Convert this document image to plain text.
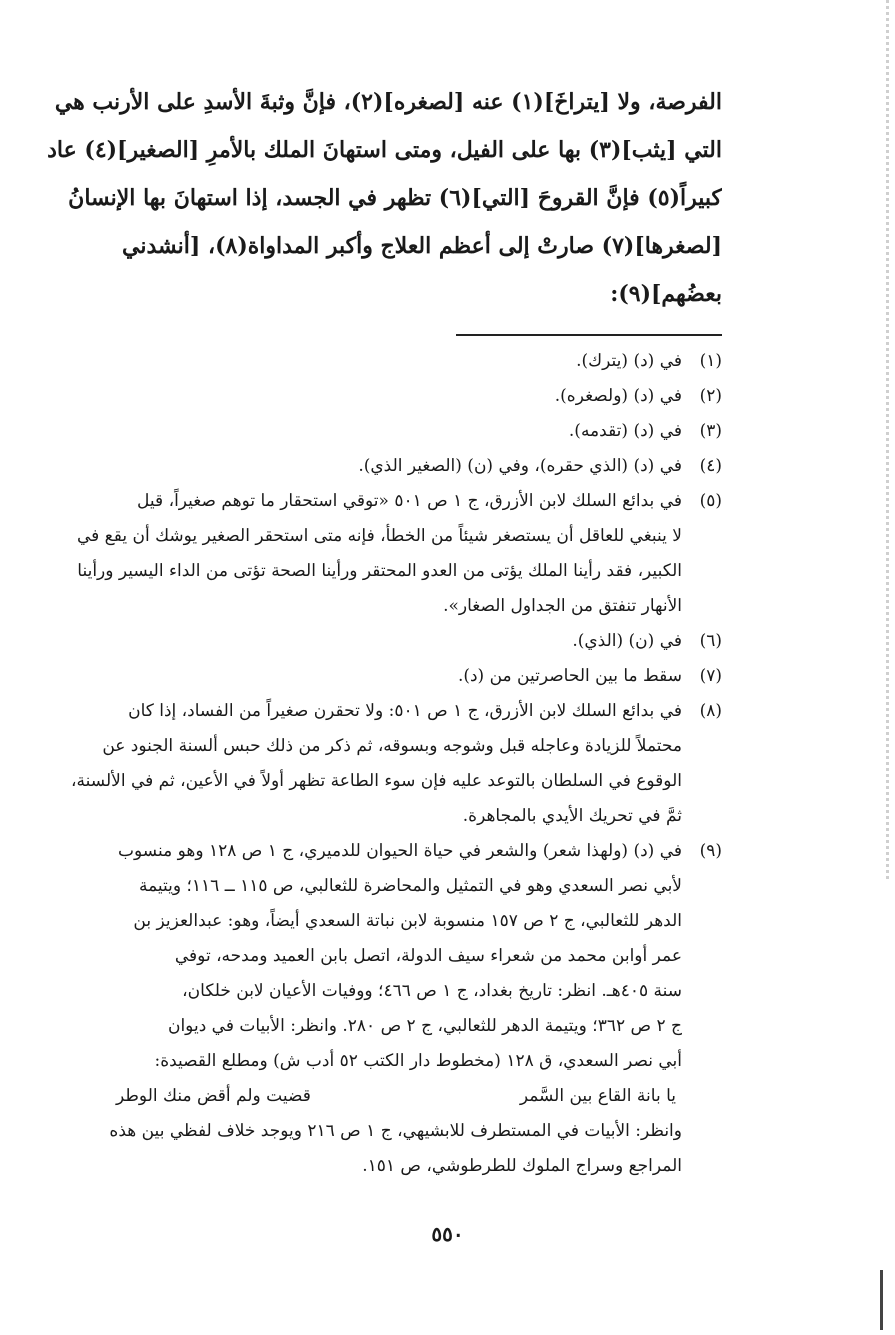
الفرصة، ولا [يتراخَ](١) عنه [لصغره](٢)، فإنَّ وثبةَ الأسدِ على الأرنب هي
التي [يثب](٣) بها على الفيل، ومتى استهانَ الملك بالأمرِ [الصغير](٤) عاد
كبيراً(٥) فإنَّ القروحَ [التي](٦) تظهر في الجسد، إذا استهانَ بها الإنسانُ
[لصغرها](٧) صارتْ إلى أعظم العلاج وأكبر المداواة(٨)، [أنشدني
بعضُهم](٩):
(١)
في (د) (يترك).
(٢)
في (د) (ولصغره).
(٣)
في (د) (تقدمه).
(٤)
في (د) (الذي حقره)، وفي (ن) (الصغير الذي).
(٥)
في بدائع السلك لابن الأزرق، ج ١ ص ٥٠١ «توقي استحقار ما توهم صغيراً، قيل
لا ينبغي للعاقل أن يستصغر شيئاً من الخطأ، فإنه متى استحقر الصغير يوشك أن يقع في
الكبير، فقد رأينا الملك يؤتى من العدو المحتقر ورأينا الصحة تؤتى من الداء اليسير ورأينا
الأنهار تنفتق من الجداول الصغار».
(٦)
في (ن) (الذي).
(٧)
سقط ما بين الحاصرتين من (د).
(٨)
في بدائع السلك لابن الأزرق، ج ١ ص ٥٠١: ولا تحقرن صغيراً من الفساد، إذا كان
محتملاً للزيادة وعاجله قبل وشوجه وبسوقه، ثم ذكر من ذلك حبس ألسنة الجنود عن
الوقوع في السلطان بالتوعد عليه فإن سوء الطاعة تظهر أولاً في الأعين، ثم في الألسنة،
ثمَّ في تحريك الأيدي بالمجاهرة.
(٩)
في (د) (ولهذا شعر) والشعر في حياة الحيوان للدميري، ج ١ ص ١٢٨ وهو منسوب
لأبي نصر السعدي وهو في التمثيل والمحاضرة للثعالبي، ص ١١٥ ــ ١١٦؛ ويتيمة
الدهر للثعالبي، ج ٢ ص ١٥٧ منسوبة لابن نباتة السعدي أيضاً، وهو: عبدالعزيز بن
عمر أوابن محمد من شعراء سيف الدولة، اتصل بابن العميد ومدحه، توفي
سنة ٤٠٥هـ. انظر: تاريخ بغداد، ج ١ ص ٤٦٦؛ ووفيات الأعيان لابن خلكان،
ج ٢ ص ٣٦٢؛ ويتيمة الدهر للثعالبي، ج ٢ ص ٢٨٠. وانظر: الأبيات في ديوان
أبي نصر السعدي، ق ١٢٨ (مخطوط دار الكتب ٥٢ أدب ش) ومطلع القصيدة:
يا بانة القاع بين السَّمر
قضيت ولم أقض منك الوطر
وانظر: الأبيات في المستطرف للابشيهي، ج ١ ص ٢١٦ ويوجد خلاف لفظي بين هذه
المراجع وسراج الملوك للطرطوشي، ص ١٥١.
٥٥٠
